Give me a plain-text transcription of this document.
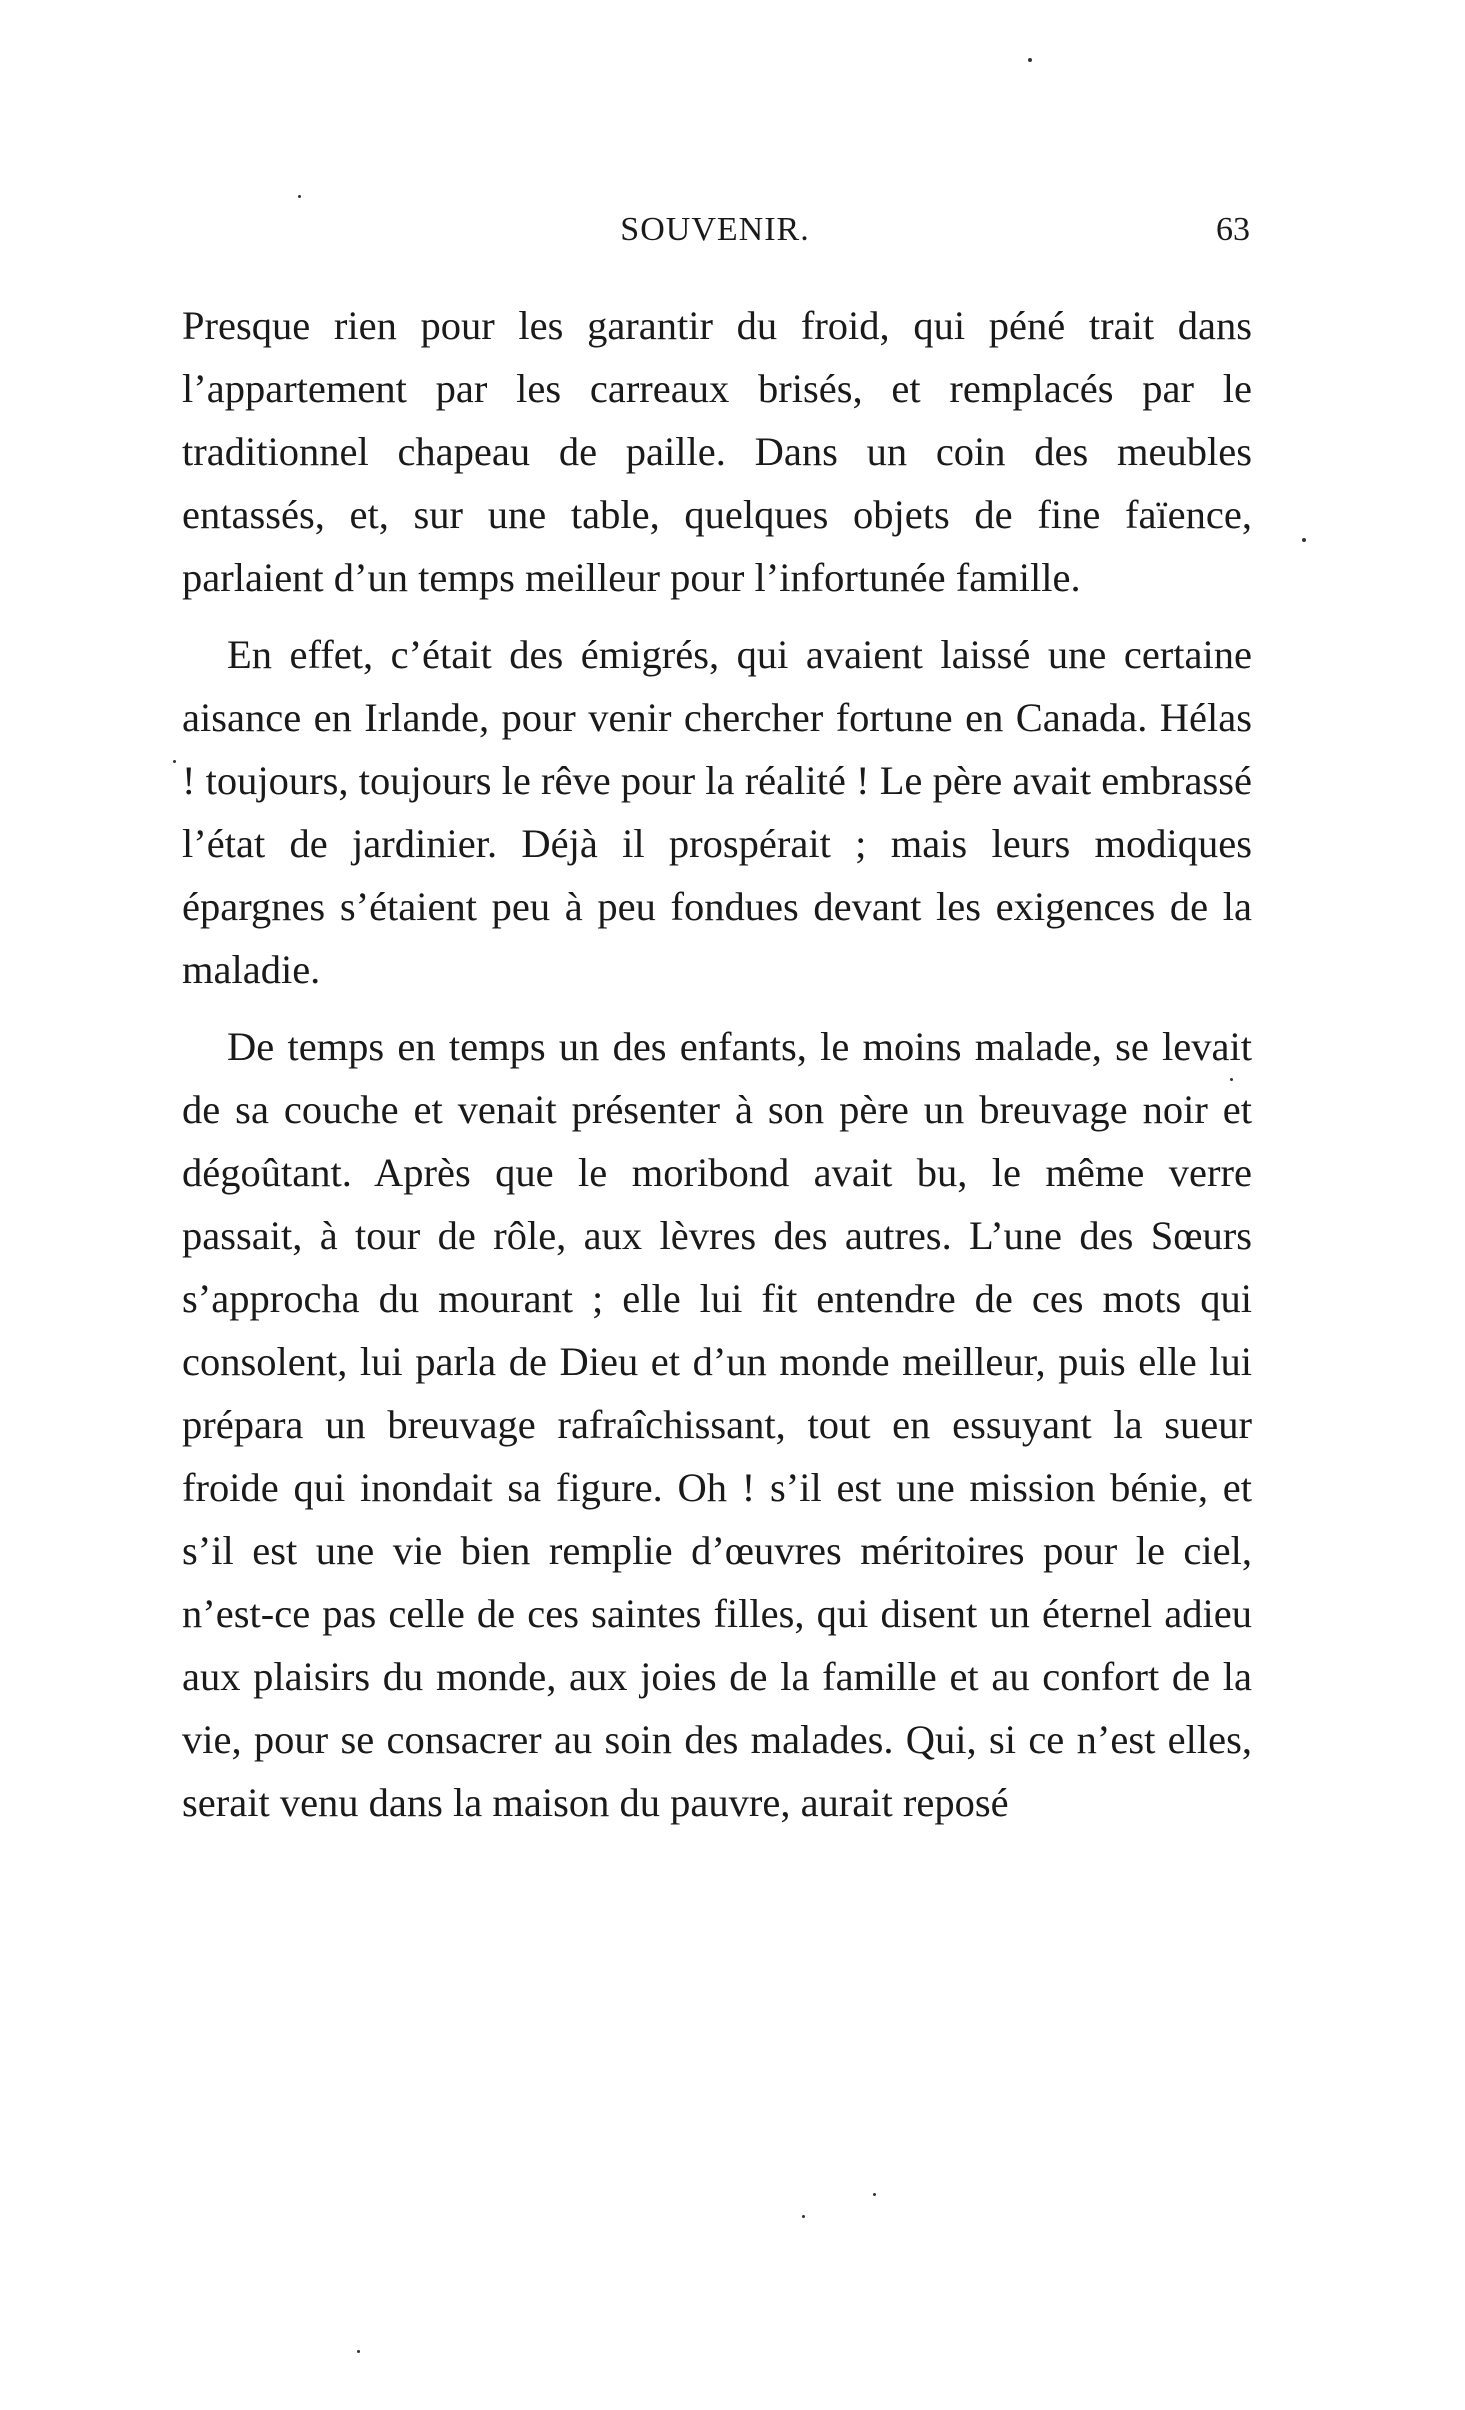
SOUVENIR.	63

Presque rien pour les garantir du froid, qui péné trait dans l’appartement par les carreaux brisés, et remplacés par le traditionnel chapeau de paille. Dans un coin des meubles entassés, et, sur une table, quelques objets de fine faïence, parlaient d’un temps meilleur pour l’infortunée famille.

En effet, c’était des émigrés, qui avaient laissé une certaine aisance en Irlande, pour venir chercher fortune en Canada. Hélas ! toujours, toujours le rêve pour la réalité ! Le père avait embrassé l’état de jardinier. Déjà il prospérait ; mais leurs modiques épargnes s’étaient peu à peu fondues devant les exigences de la maladie.

De temps en temps un des enfants, le moins malade, se levait de sa couche et venait présenter à son père un breuvage noir et dégoûtant. Après que le moribond avait bu, le même verre passait, à tour de rôle, aux lèvres des autres. L’une des Sœurs s’approcha du mourant ; elle lui fit entendre de ces mots qui consolent, lui parla de Dieu et d’un monde meilleur, puis elle lui prépara un breuvage rafraîchissant, tout en essuyant la sueur froide qui inondait sa figure. Oh ! s’il est une mission bénie, et s’il est une vie bien remplie d’œuvres méritoires pour le ciel, n’est-ce pas celle de ces saintes filles, qui disent un éternel adieu aux plaisirs du monde, aux joies de la famille et au confort de la vie, pour se consacrer au soin des malades. Qui, si ce n’est elles, serait venu dans la maison du pauvre, aurait reposé
